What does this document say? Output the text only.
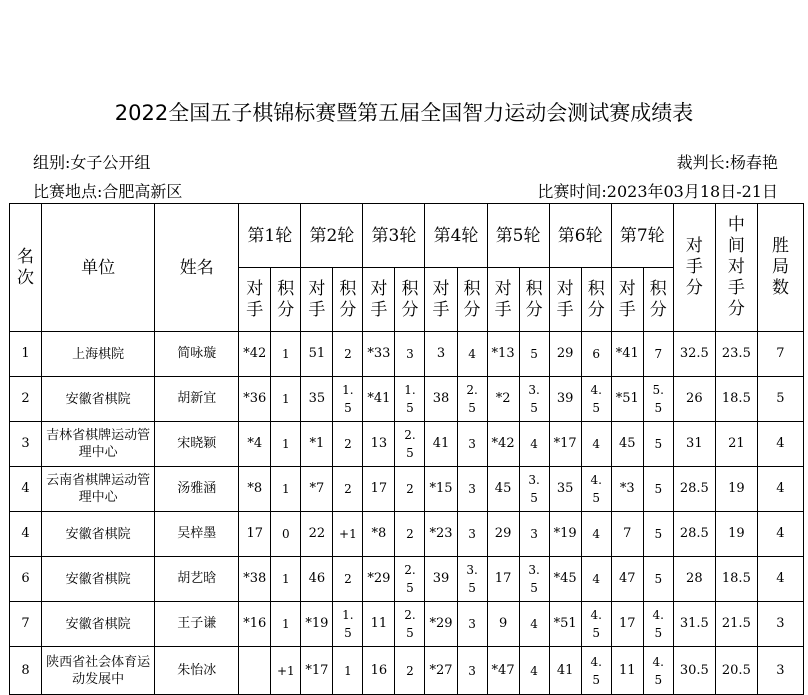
2022全国五子棋锦标赛暨第五届全国智力运动会测试赛成绩表
组别:女子公开组	裁判长:杨春艳
比赛地点:合肥高新区	比赛时间:2023年03月18日-21日
名次	单位	姓名	第1轮		第2轮		第3轮		第4轮		第5轮		第6轮		第7轮		对手分	中间对手分	胜局数

			对手	积分	对手	积分	对手	积分	对手	积分	对手	积分	对手	积分	对手	积分			

1	上海棋院	简咏璇	*42	1	51	2	*33	3	3	4	*13	5	29	6	*41	7	32.5	23.5	7
2	安徽省棋院	胡新宜	*36	1	35	1.5	*41	1.5	38	2.5	*2	3.5	39	4.5	*51	5.5	26	18.5	5
3	吉林省棋牌运动管理中心	宋晓颖	*4	1	*1	2	13	2.5	41	3	*42	4	*17	4	45	5	31	21	4
4	云南省棋牌运动管理中心	汤雅涵	*8	1	*7	2	17	2	*15	3	45	3.5	35	4.5	*3	5	28.5	19	4
4	安徽省棋院	吴梓墨	17	0	22	+1	*8	2	*23	3	29	3	*19	4	7	5	28.5	19	4
6	安徽省棋院	胡艺晗	*38	1	46	2	*29	2.5	39	3.5	17	3.5	*45	4	47	5	28	18.5	4
7	安徽省棋院	王子谦	*16	1	*19	1.5	11	2.5	*29	3	9	4	*51	4.5	17	4.5	31.5	21.5	3
8	陕西省社会体育运动发展中	朱怡冰		+1	*17	1	16	2	*27	3	*47	4	41	4.5	11	4.5	30.5	20.5	3
